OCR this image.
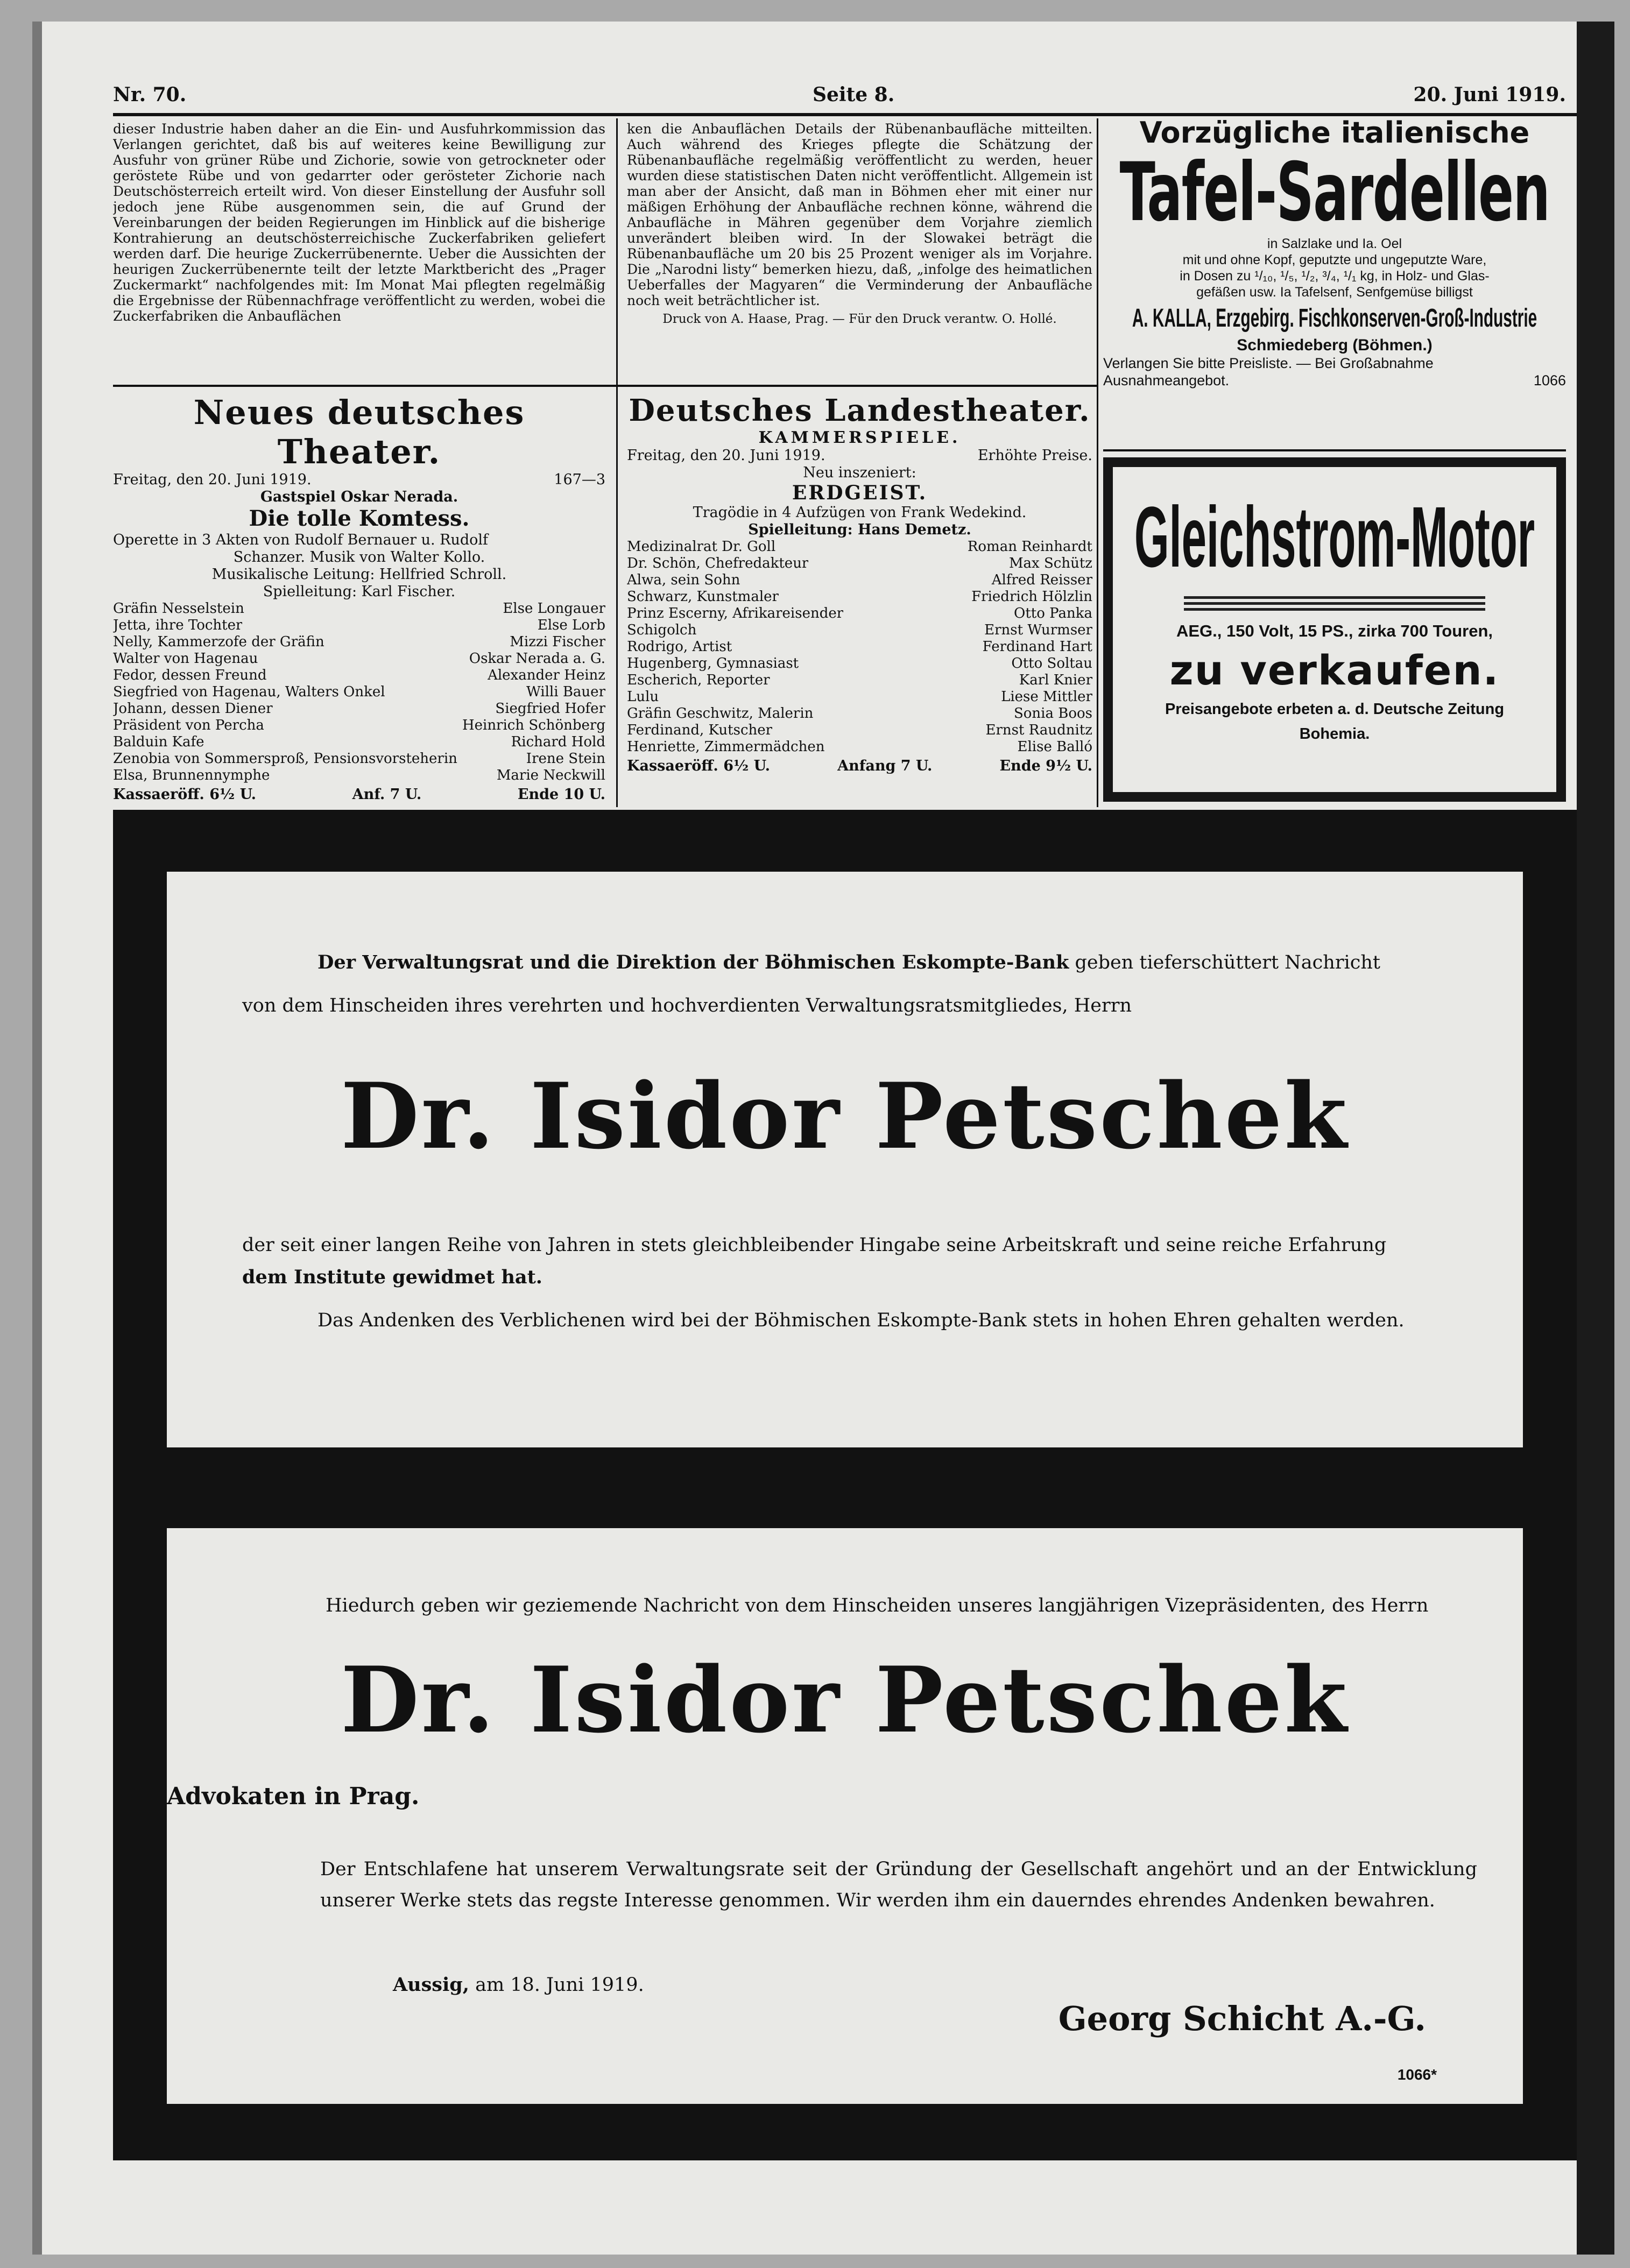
Nr. 70.	Seite 8.	20. Juni 1919.

dieser Industrie haben daher an die Ein- und Ausfuhrkommission das Verlangen gerichtet, daß bis auf weiteres keine Bewilligung zur Ausfuhr von grüner Rübe und Zichorie, sowie von getrockneter oder geröstete Rübe und von gedarrter oder gerösteter Zichorie nach Deutschösterreich erteilt wird. Von dieser Einstellung der Ausfuhr soll jedoch jene Rübe ausgenommen sein, die auf Grund der Vereinbarungen der beiden Regierungen im Hinblick auf die bisherige Kontrahierung an deutschösterreichische Zuckerfabriken geliefert werden darf. Die heurige Zuckerrübenernte. Ueber die Aussichten der heurigen Zuckerrübenernte teilt der letzte Marktbericht des „Prager Zuckermarkt“ nachfolgendes mit: Im Monat Mai pflegten regelmäßig die Ergebnisse der Rübennachfrage veröffentlicht zu werden, wobei die Zuckerfabriken die Anbauflächen

ken die Anbauflächen Details der Rübenanbaufläche mitteilten. Auch während des Krieges pflegte die Schätzung der Rübenanbaufläche regelmäßig veröffentlicht zu werden, heuer wurden diese statistischen Daten nicht veröffentlicht. Allgemein ist man aber der Ansicht, daß man in Böhmen eher mit einer nur mäßigen Erhöhung der Anbaufläche rechnen könne, während die Anbaufläche in Mähren gegenüber dem Vorjahre ziemlich unverändert bleiben wird. In der Slowakei beträgt die Rübenanbaufläche um 20 bis 25 Prozent weniger als im Vorjahre. Die „Narodni listy“ bemerken hiezu, daß, „infolge des heimatlichen Ueberfalles der Magyaren“ die Verminderung der Anbaufläche noch weit beträchtlicher ist.

Druck von A. Haase, Prag. — Für den Druck verantw. O. Hollé.

Neues deutsches Theater.
Freitag, den 20. Juni 1919.	167—3
Gastspiel Oskar Nerada.
Die tolle Komtess.
Operette in 3 Akten von Rudolf Bernauer u. Rudolf
Schanzer. Musik von Walter Kollo.
Musikalische Leitung: Hellfried Schroll.
Spielleitung: Karl Fischer.
Gräfin Nesselstein	Else Longauer
Jetta, ihre Tochter	Else Lorb
Nelly, Kammerzofe der Gräfin	Mizzi Fischer
Walter von Hagenau	Oskar Nerada a. G.
Fedor, dessen Freund	Alexander Heinz
Siegfried von Hagenau, Walters Onkel	Willi Bauer
Johann, dessen Diener	Siegfried Hofer
Präsident von Percha	Heinrich Schönberg
Balduin Kafe	Richard Hold
Zenobia von Sommersproß, Pensionsvorsteherin	Irene Stein
Elsa, Brunnennymphe	Marie Neckwill
Kassaeröff. 6½ U.	Anf. 7 U.	Ende 10 U.
Deutsches Landestheater.
KAMMERSPIELE.
Freitag, den 20. Juni 1919.	Erhöhte Preise.
Neu inszeniert:
ERDGEIST.
Tragödie in 4 Aufzügen von Frank Wedekind.
Spielleitung: Hans Demetz.
Medizinalrat Dr. Goll	Roman Reinhardt
Dr. Schön, Chefredakteur	Max Schütz
Alwa, sein Sohn	Alfred Reisser
Schwarz, Kunstmaler	Friedrich Hölzlin
Prinz Escerny, Afrikareisender	Otto Panka
Schigolch	Ernst Wurmser
Rodrigo, Artist	Ferdinand Hart
Hugenberg, Gymnasiast	Otto Soltau
Escherich, Reporter	Karl Knier
Lulu	Liese Mittler
Gräfin Geschwitz, Malerin	Sonia Boos
Ferdinand, Kutscher	Ernst Raudnitz
Henriette, Zimmermädchen	Elise Balló
Kassaeröff. 6½ U.	Anfang 7 U.	Ende 9½ U.
Vorzügliche italienische
Tafel-Sardellen
in Salzlake und Ia. Oel
mit und ohne Kopf, geputzte und ungeputzte Ware,
in Dosen zu ¹/₁₀, ¹/₅, ¹/₂, ³/₄, ¹/₁ kg, in Holz- und Glas-
gefäßen usw. Ia Tafelsenf, Senfgemüse billigst
A. KALLA, Erzgebirg. Fischkonserven-Groß-Industrie
Schmiedeberg (Böhmen.)
Verlangen Sie bitte Preisliste. — Bei Großabnahme
Ausnahmeangebot.	1066
Gleichstrom-Motor
AEG., 150 Volt, 15 PS., zirka 700 Touren,
zu verkaufen.
Preisangebote erbeten a. d. Deutsche Zeitung
Bohemia.
Der Verwaltungsrat und die Direktion der Böhmischen Eskompte-Bank geben tieferschüttert Nachricht
von dem Hinscheiden ihres verehrten und hochverdienten Verwaltungsratsmitgliedes, Herrn
Dr. Isidor Petschek
der seit einer langen Reihe von Jahren in stets gleichbleibender Hingabe seine Arbeitskraft und seine reiche Erfahrung
dem Institute gewidmet hat.
Das Andenken des Verblichenen wird bei der Böhmischen Eskompte-Bank stets in hohen Ehren gehalten werden.
Hiedurch geben wir geziemende Nachricht von dem Hinscheiden unseres langjährigen Vizepräsidenten, des Herrn
Dr. Isidor Petschek
Advokaten in Prag.
Der Entschlafene hat unserem Verwaltungsrate seit der Gründung der Gesellschaft angehört und an der Entwicklung unserer Werke stets das regste Interesse genommen. Wir werden ihm ein dauerndes ehrendes Andenken bewahren.
Aussig, am 18. Juni 1919.
Georg Schicht A.-G.
1066*
